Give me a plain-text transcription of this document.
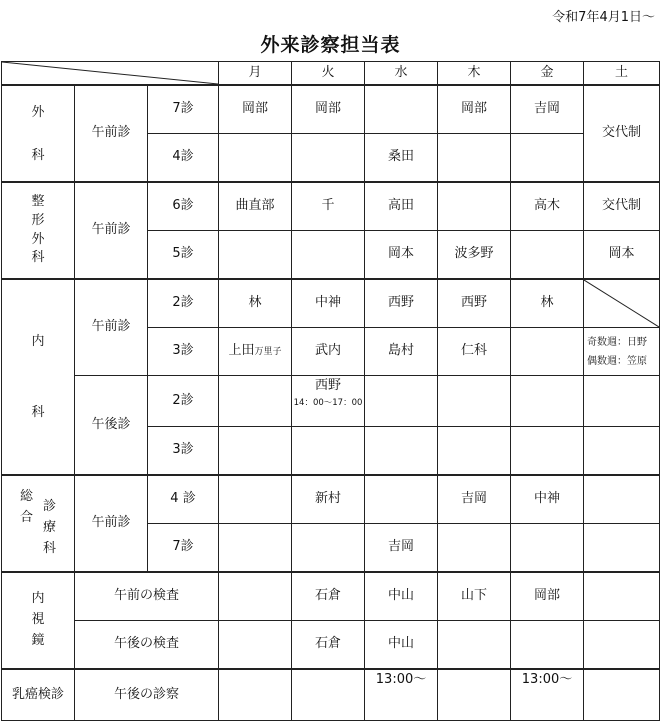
令和7年4月1日～
外来診察担当表
	月	火	水	木	金	土

外
科	午前診	7診	岡部	岡部		岡部	吉岡	交代制
		4診			桑田			

整
形
外
科	午前診	6診	曲直部	千	高田		高木	交代制
		5診			岡本	波多野		岡本

内
科	午前診	2診	林	中神	西野	西野	林	

		3診	上田万里子	武内	島村	仁科		奇数週：日野
偶数週：笠原

	午後診	2診		西野
14：00～17：00				

		3診						

総
合
診
療
科	午前診	4 診		新村		吉岡	中神	
		7診			吉岡			

内
視
鏡	午前の検査			石倉	中山	山下	岡部	
	午後の検査			石倉	中山			
乳癌検診	午後の診察				13:00～		13:00～	
